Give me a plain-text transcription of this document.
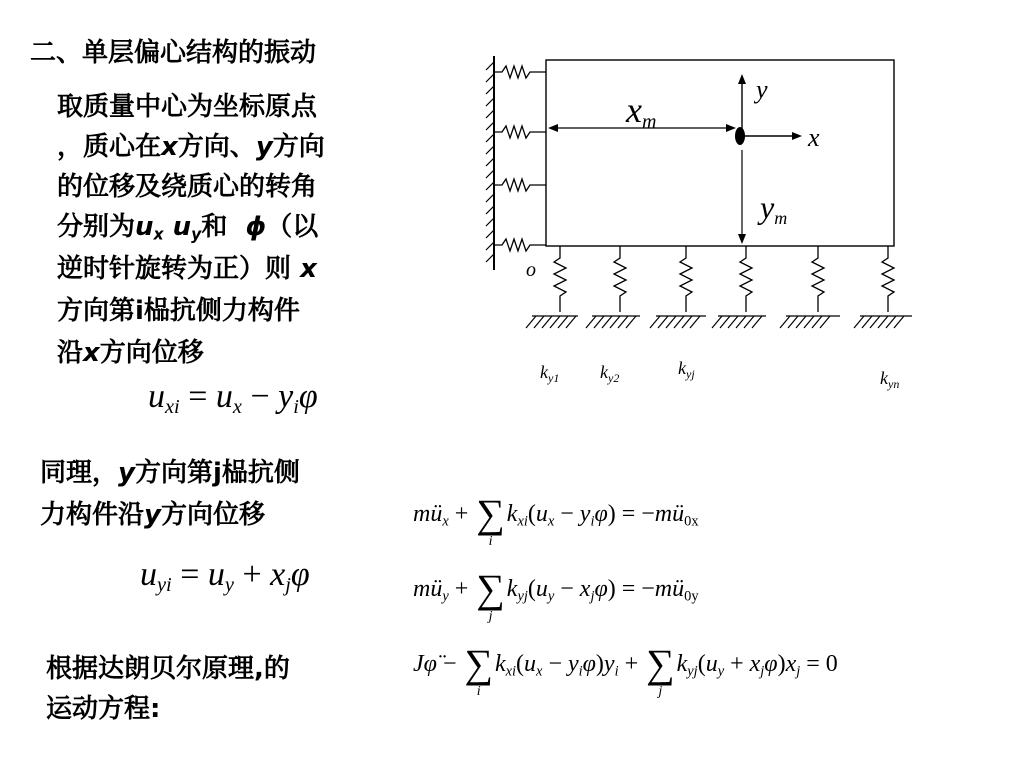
二、单层偏心结构的振动
取质量中心为坐标原点
，质心在x方向、y方向
的位移及绕质心的转角
分别为$u_x$ $u_y$和 ϕ（以
逆时针旋转为正）则 x
方向第i榀抗侧力构件
沿x方向位移
$u_{xi} = u_x - y_i\varphi$
同理，y方向第j榀抗侧
力构件沿y方向位移
$u_{yi} = u_y + x_j\varphi$
根据达朗贝尔原理,的
运动方程:
$mü_x$ + ∑
i
$k_{xi}(u_x - y_i\varphi)$ = $-mü_{0x}$
$mü_y$ + ∑
j
$k_{yj}(u_y - x_j\varphi)$ = $-mü_{0y}$
Jφ̈ − ∑
i
$k_{xi}(u_x - y_i\varphi)y_i$ + ∑
j
$k_{yj}(u_y + x_j\varphi)x_j = 0$
y
x
xm
ym
o
$k_{y1}$ $k_{y2}$	$k_{yj}$	$k_{yn}$
